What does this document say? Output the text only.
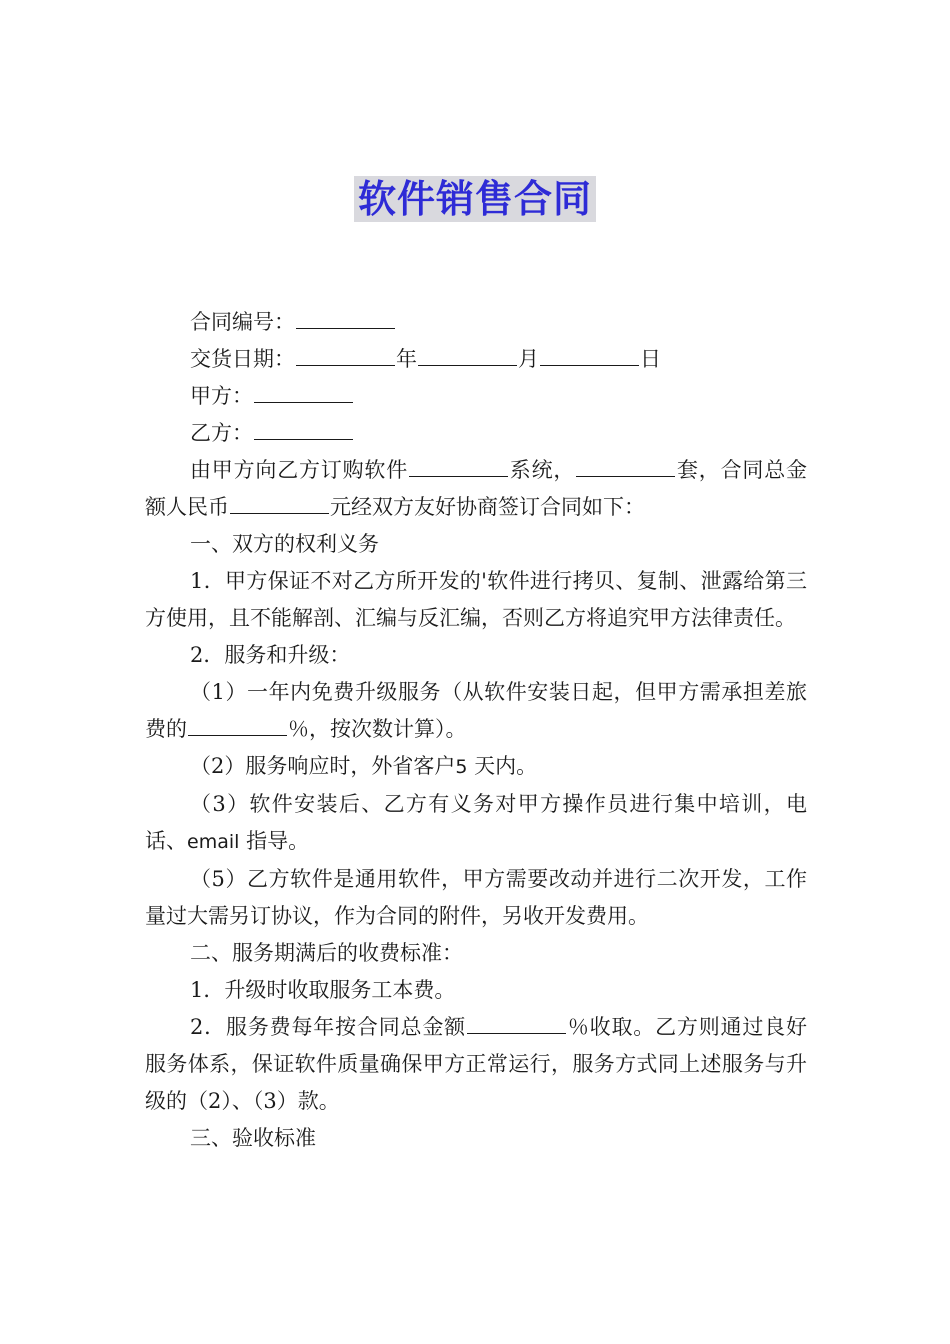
软件销售合同

合同编号：

交货日期：	年	月	日

甲方：

乙方：

由甲方向乙方订购软件	系统，	套，合同总金额人民币	元经双方友好协商签订合同如下：

一、双方的权利义务

1．甲方保证不对乙方所开发的'软件进行拷贝、复制、泄露给第三方使用，且不能解剖、汇编与反汇编，否则乙方将追究甲方法律责任。

2．服务和升级：

（1）一年内免费升级服务（从软件安装日起，但甲方需承担差旅费的	％，按次数计算）。

（2）服务响应时，外省客户5 天内。

（3）软件安装后、乙方有义务对甲方操作员进行集中培训，电话、email 指导。

（5）乙方软件是通用软件，甲方需要改动并进行二次开发，工作量过大需另订协议，作为合同的附件，另收开发费用。

二、服务期满后的收费标准：

1．升级时收取服务工本费。

2．服务费每年按合同总金额	％收取。乙方则通过良好服务体系，保证软件质量确保甲方正常运行，服务方式同上述服务与升级的（2）、（3）款。

三、验收标准
